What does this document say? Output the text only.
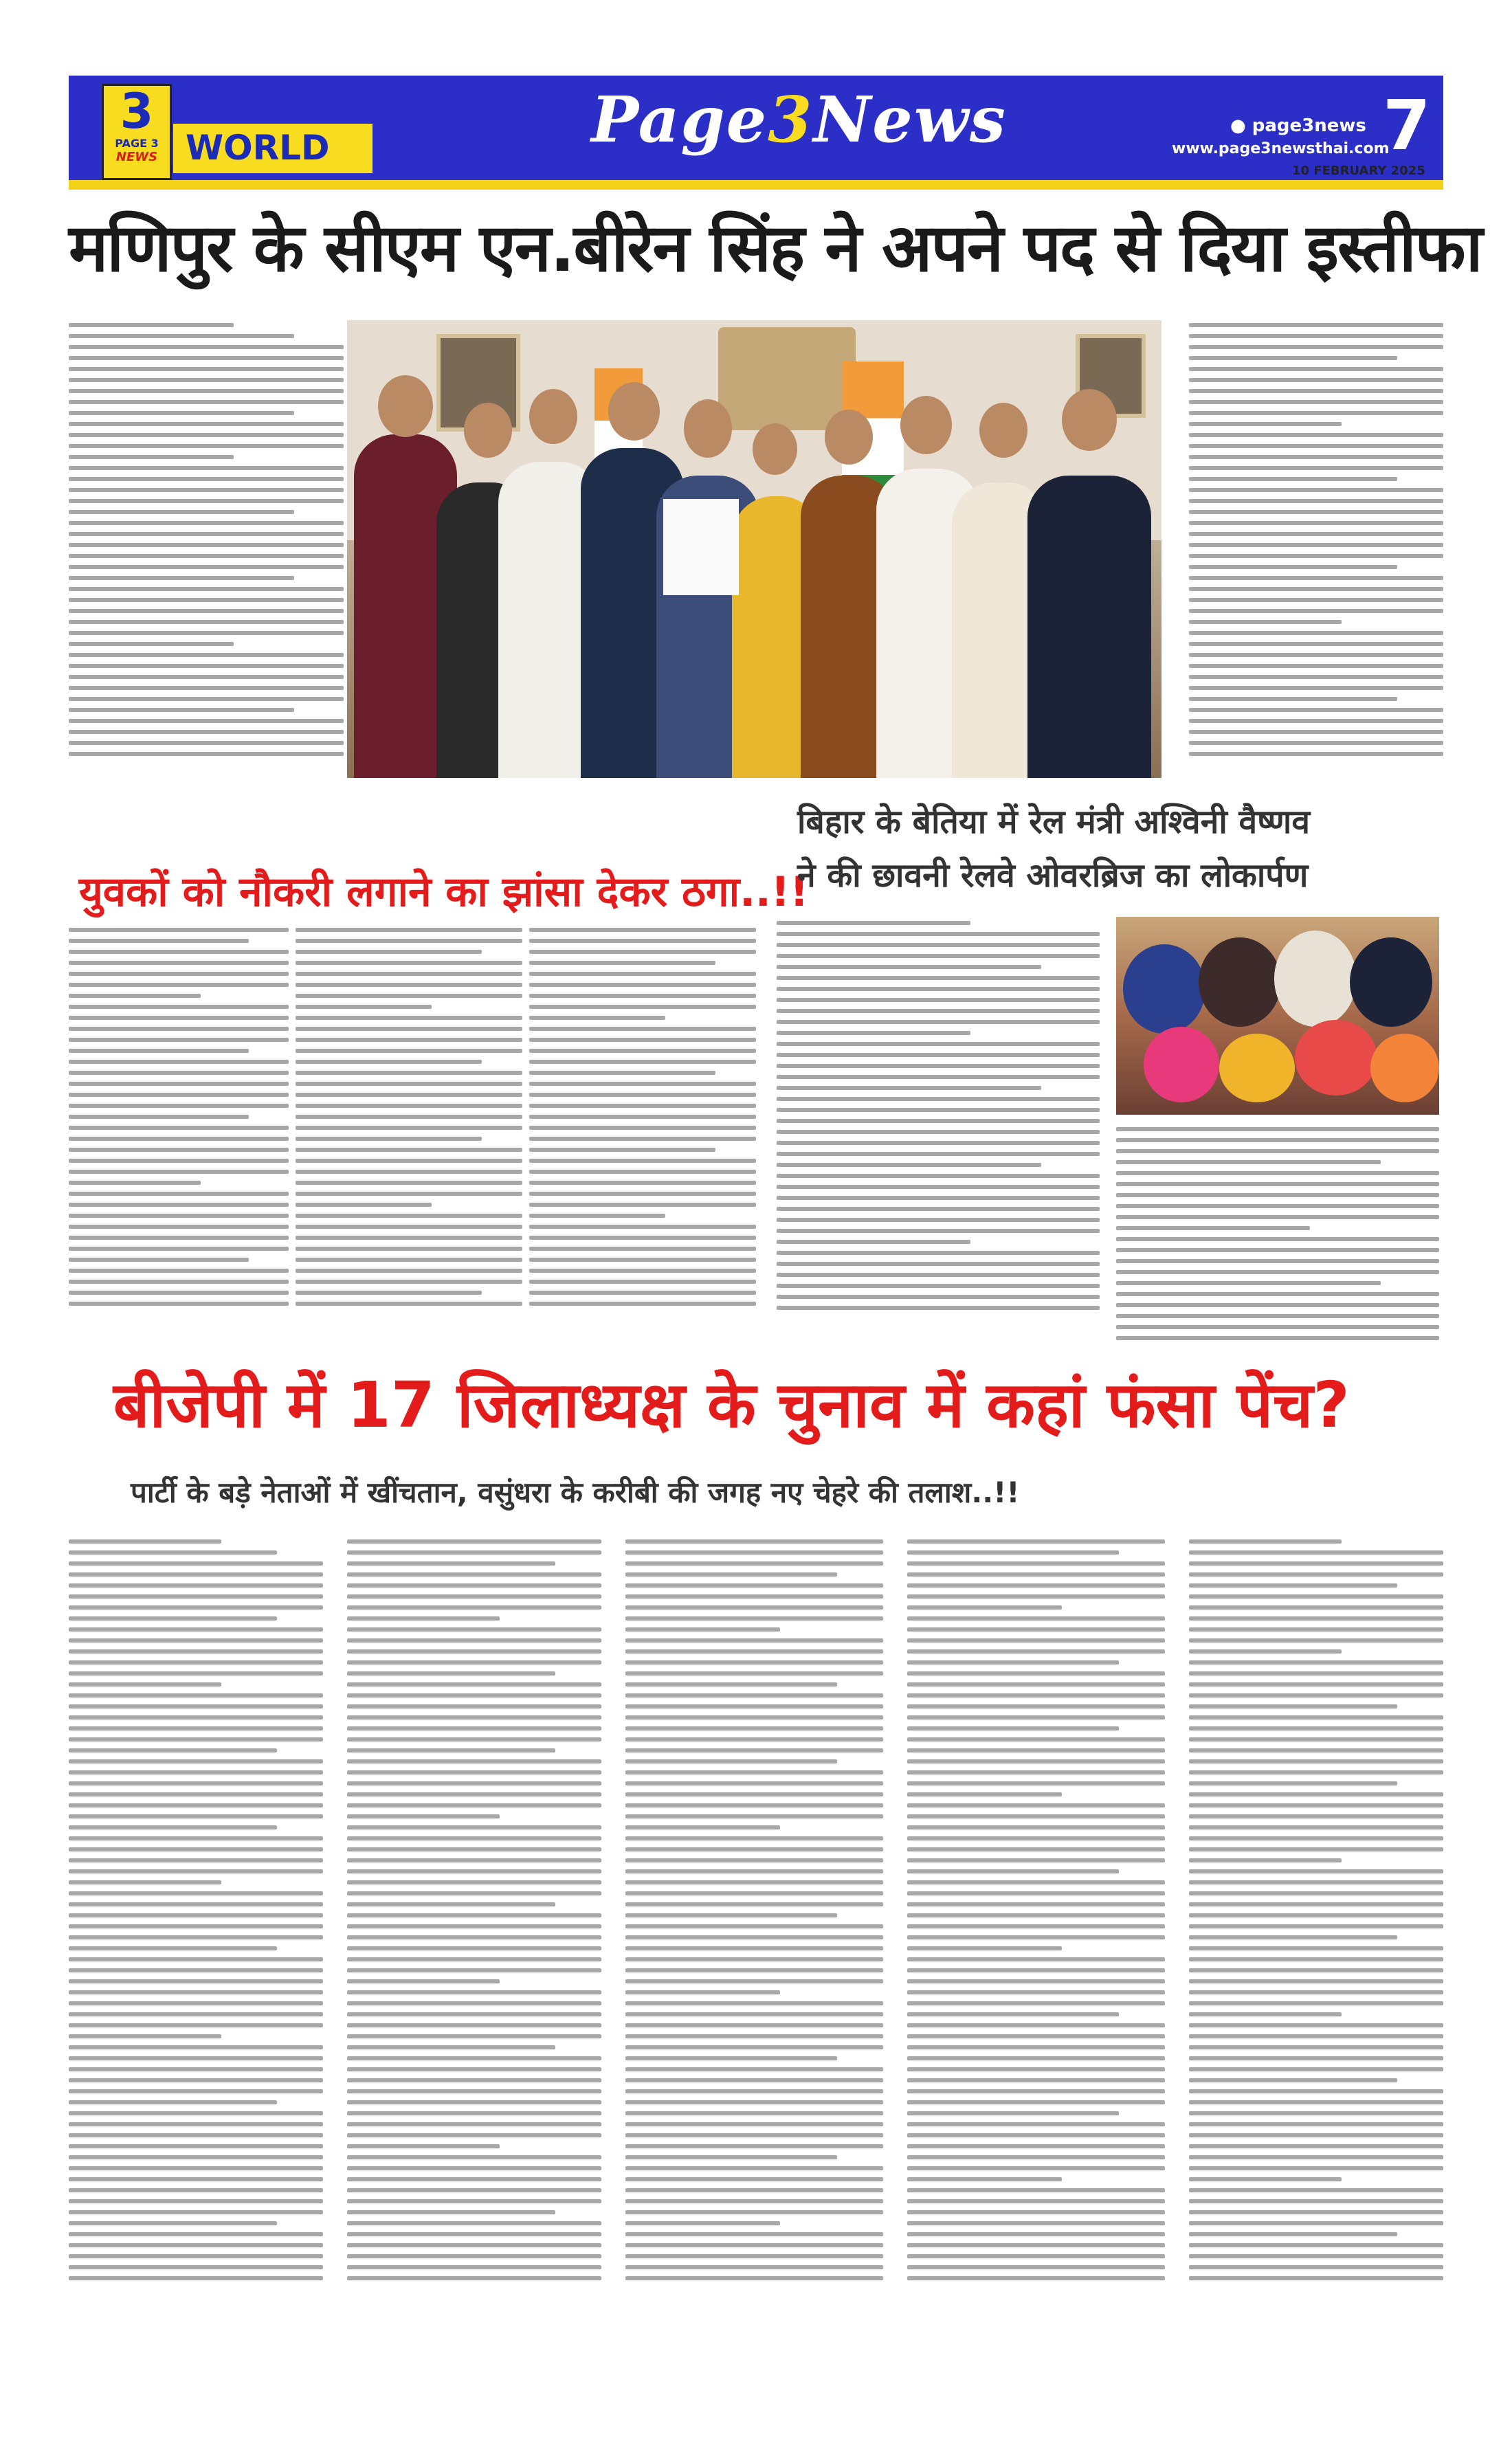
3
PAGE 3
NEWS WORLD	Page3News	● page3news
www.page3newsthai.com
7
10 FEBRUARY 2025
मणिपुर के सीएम एन.बीरेन सिंह ने अपने पद से दिया इस्तीफा
युवकों को नौकरी लगाने का झांसा देकर ठगा..!!
बिहार के बेतिया में रेल मंत्री अश्विनी वैष्णव
ने की छावनी रेलवे ओवरब्रिज का लोकार्पण
बीजेपी में 17 जिलाध्यक्ष के चुनाव में कहां फंसा पेंच?
पार्टी के बड़े नेताओं में खींचतान, वसुंधरा के करीबी की जगह नए चेहरे की तलाश..!!
